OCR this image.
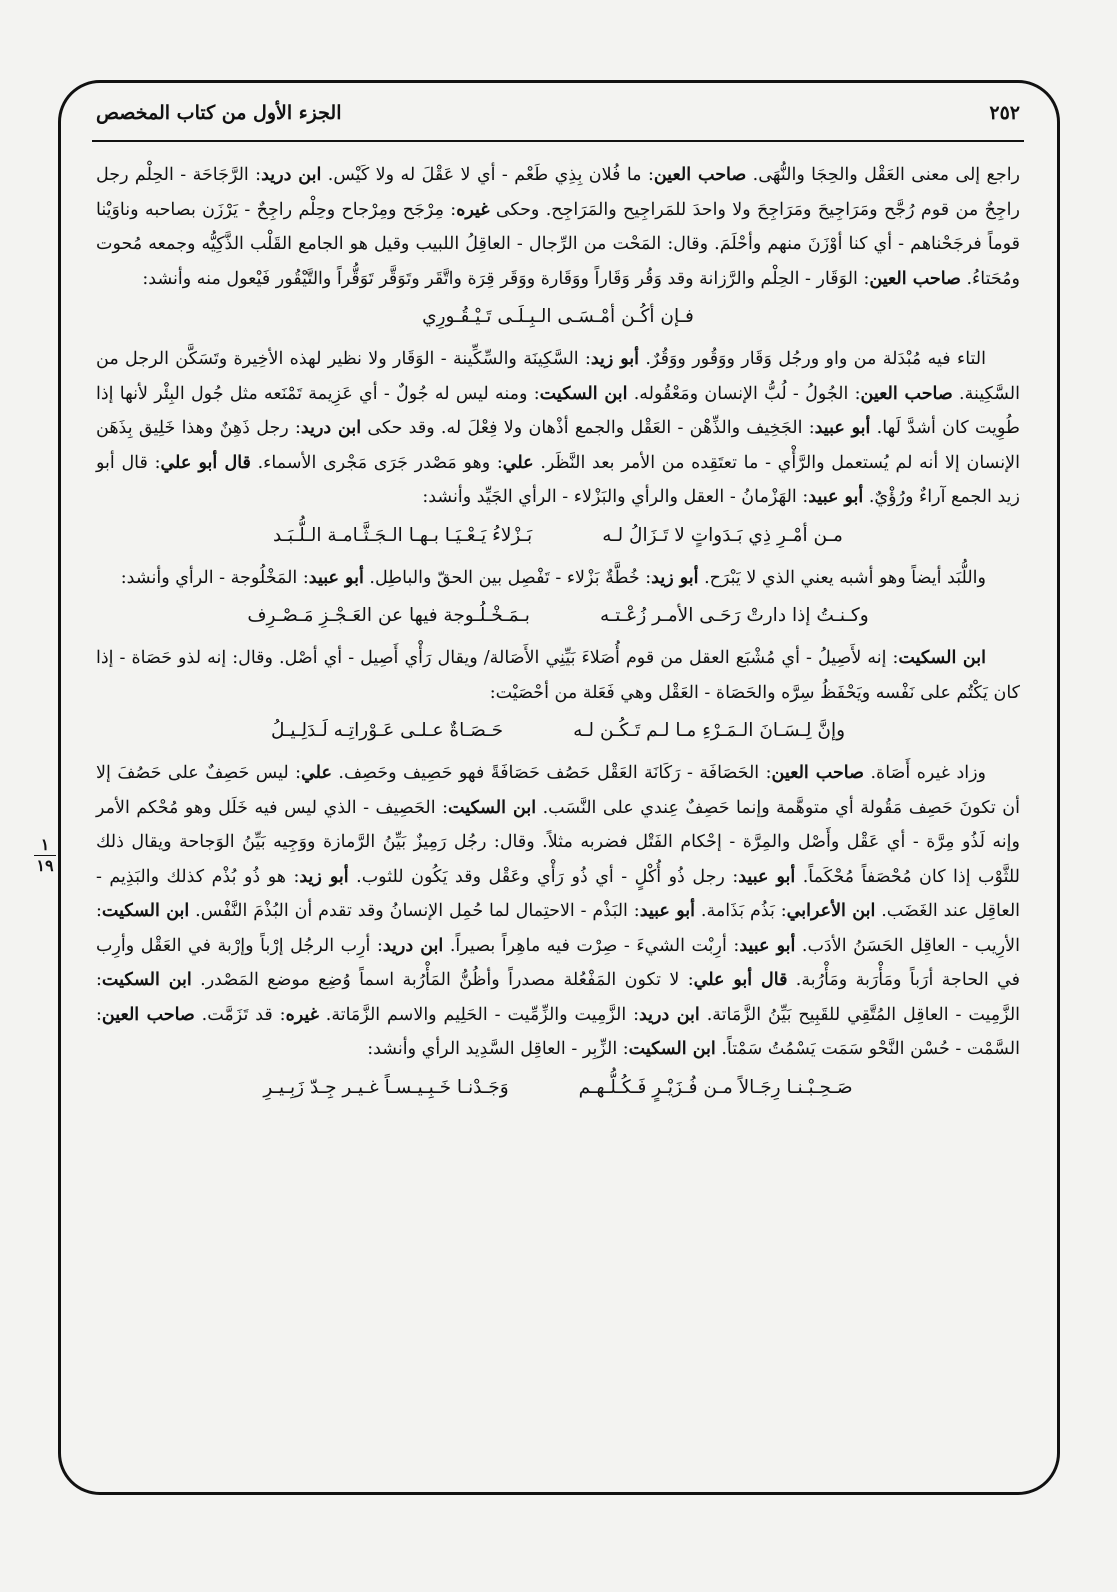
٢٥٢
الجزء الأول من كتاب المخصص
١
١٩

راجع إلى معنى العَقْل والحِجَا والنُّهَى. صاحب العين: ما فُلان بِذِي طَعْم - أي لا عَقْلَ له ولا كَيْس. ابن دريد: الرَّجَاحَة - الحِلْم رجل راجِحٌ من قوم رُجَّح ومَرَاجِيحَ ومَرَاجِحَ ولا واحدَ للمَراجِيح والمَرَاجِح. وحكى غيره: مِرْجَح ومِرْجاح وحِلْم راجِحٌ - يَرْزَن بصاحبه وناوَيْنا قوماً فرجَحْناهم - أي كنا أوْزَنَ منهم وأحْلَمَ. وقال: المَحْت من الرِّجال - العاقِلُ اللبيب وقيل هو الجامع القَلْب الذَّكِيُّه وجمعه مُحوت ومُحَتاءُ. صاحب العين: الوَقَار - الحِلْم والرَّزانة وقد وَقُر وَقَاراً ووَقَارة ووَقَر قِرَة واتَّقَر وتَوَقَّر تَوَقُّراً والتَّيْقُور فَيْعول منه وأنشد:

فـإن أكُـن أمْـسَـى الـبِـلَـى تَـيْـقُـورِي

التاء فيه مُبْدَلة من واو ورجُل وَقَار ووَقُور ووَقُرٌ. أبو زيد: السَّكِينَة والسِّكِّينة - الوَقَار ولا نظير لهذه الأخِيرة وتَسَكَّن الرجل من السَّكِينة. صاحب العين: الجُولُ - لُبُّ الإنسان ومَعْقُوله. ابن السكيت: ومنه ليس له جُولٌ - أي عَزِيمة تَمْنَعه مثل جُول البِئْر لأنها إذا طُوِيت كان أشدَّ لَها. أبو عبيد: الجَخِيف والذِّهْن - العَقْل والجمع أذْهان ولا فِعْلَ له. وقد حكى ابن دريد: رجل ذَهِنٌ وهذا خَلِيق بِذَهَن الإنسان إلا أنه لم يُستعمل والرَّأْي - ما تعتَقِده من الأمر بعد النَّظَر. علي: وهو مَصْدر جَرَى مَجْرى الأسماء. قال أبو علي: قال أبو زيد الجمع آراءٌ ورُؤْيٌ. أبو عبيد: الهَزْمانُ - العقل والرأي والبَزْلاء - الرأي الجَيِّد وأنشد:

مـن أمْـرِ ذِي بَـدَواتٍ لا تَـزَالُ لـه
بَـزْلاءُ يَـعْـيَـا بـهـا الـجَـثَّـامـة الـلُّـبَـد

واللُّبَد أيضاً وهو أشبه يعني الذي لا يَبْرَح. أبو زيد: خُطَّةٌ بَزْلاء - تَفْصِل بين الحقّ والباطِل. أبو عبيد: المَخْلُوجة - الرأي وأنشد:

وكـنـتُ إذا دارتْ رَحَـى الأمـر زُعْـتـه
بـمَـخْـلُـوجة فيها عن العَـجْـزِ مَـصْـرِف

ابن السكيت: إنه لأَصِيلُ - أي مُشْبَع العقل من قوم أُصَلاءَ بَيِّنِي الأَصَالة/ ويقال رَأْي أَصِيل - أي أصْل. وقال: إنه لذو حَصَاة - إذا كان يَكْتُم على نَفْسه ويَحْفَظُ سِرَّه والحَصَاة - العَقْل وهي فَعَلة من أحْصَيْت:

وإنَّ لِـسَـانَ الـمَـرْءِ مـا لـم تَـكُـن لـه
حَـصَـاةٌ عـلـى عَـوْراتِـه لَـدَلِـيـلُ

وزاد غيره أَصَاة. صاحب العين: الحَصَافَة - رَكَانَة العَقْل حَصُف حَصَافَةً فهو حَصِيف وحَصِف. علي: ليس حَصِفٌ على حَصُفَ إلا أن تكونَ حَصِف مَقُولة أي متوهَّمة وإنما حَصِفٌ عِندي على النَّسَب. ابن السكيت: الحَصِيف - الذي ليس فيه خَلَل وهو مُحْكم الأمر وإنه لَذُو مِرَّة - أي عَقْل وأَصْل والمِرَّة - إحْكام الفَتْل فضربه مثلاً. وقال: رجُل رَمِيزٌ بَيِّنُ الرَّمازة ووَجِيه بَيِّنُ الوَجاحة ويقال ذلك للثَّوْب إذا كان مُحْصَفاً مُحْكَماً. أبو عبيد: رجل ذُو أُكْلٍ - أي ذُو رَأْي وعَقْل وقد يَكُون للثوب. أبو زيد: هو ذُو بُذْم كذلك والبَذِيم - العاقِل عند الغَضَب. ابن الأعرابي: بَذُم بَذَامة. أبو عبيد: البَذْم - الاحتِمال لما حُمِل الإنسانُ وقد تقدم أن البُذْمَ النَّفْس. ابن السكيت: الأرِيب - العاقِل الحَسَنُ الأدَب. أبو عبيد: أرِبْت الشيءَ - صِرْت فيه ماهِراً بصيراً. ابن دريد: أرِب الرجُل إرْباً وإرْبة في العَقْل وأرِب في الحاجة أرَباً ومَأْرَبة ومَأْرُبة. قال أبو علي: لا تكون المَفْعُلة مصدراً وأظُنُّ المَأْرُبة اسماً وُضِع موضع المَصْدر. ابن السكيت: الزَّمِيت - العاقِل المُتَّقِي للقَبِيح بَيِّنُ الزَّمَاتة. ابن دريد: الزَّمِيت والزِّمِّيت - الحَلِيم والاسم الزَّمَاتة. غيره: قد تَزَمَّت. صاحب العين: السَّمْت - حُسْن النَّحْو سَمَت يَسْمُتُ سَمْتاً. ابن السكيت: الزِّبِر - العاقِل السَّدِيد الرأي وأنشد:

صَـحِـبْـنـا رِجَـالاً مـن فُـزَيْـرٍ فَـكُـلُّـهـم
وَجَـدْنـا خَـبِـيـسـاً غـيـر جِـدّ زَبِـيـرِ
